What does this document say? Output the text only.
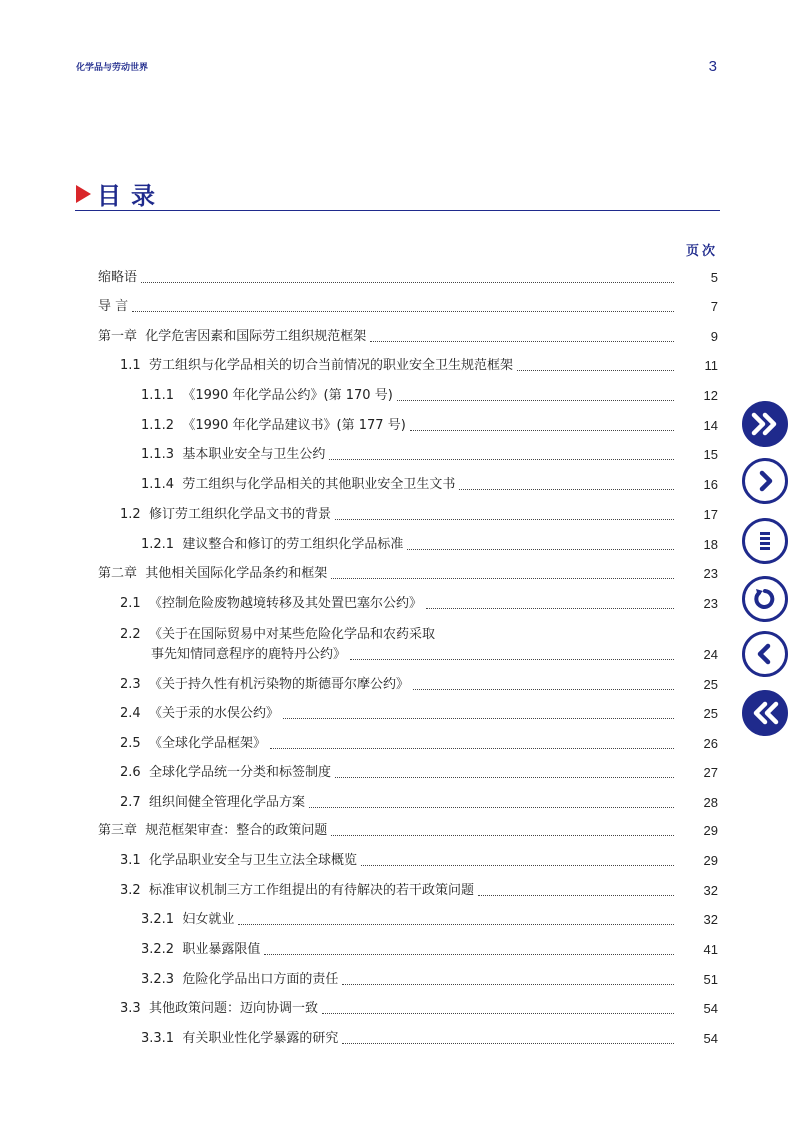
化学品与劳动世界	3
目录
页次
缩略语	5
导 言	7
第一章 化学危害因素和国际劳工组织规范框架	9
1.1 劳工组织与化学品相关的切合当前情况的职业安全卫生规范框架	11
1.1.1 《1990 年化学品公约》(第 170 号)	12
1.1.2 《1990 年化学品建议书》(第 177 号)	14
1.1.3 基本职业安全与卫生公约	15
1.1.4 劳工组织与化学品相关的其他职业安全卫生文书	16
1.2 修订劳工组织化学品文书的背景	17
1.2.1 建议整合和修订的劳工组织化学品标准	18
第二章 其他相关国际化学品条约和框架	23
2.1 《控制危险废物越境转移及其处置巴塞尔公约》	23
2.2  《关于在国际贸易中对某些危险化学品和农药采取
事先知情同意程序的鹿特丹公约》	24
2.3 《关于持久性有机污染物的斯德哥尔摩公约》	25
2.4 《关于汞的水俣公约》	25
2.5 《全球化学品框架》	26
2.6 全球化学品统一分类和标签制度	27
2.7 组织间健全管理化学品方案	28
第三章 规范框架审查：整合的政策问题	29
3.1 化学品职业安全与卫生立法全球概览	29
3.2 标准审议机制三方工作组提出的有待解决的若干政策问题	32
3.2.1 妇女就业	32
3.2.2 职业暴露限值	41
3.2.3 危险化学品出口方面的责任	51
3.3 其他政策问题：迈向协调一致	54
3.3.1 有关职业性化学暴露的研究	54
